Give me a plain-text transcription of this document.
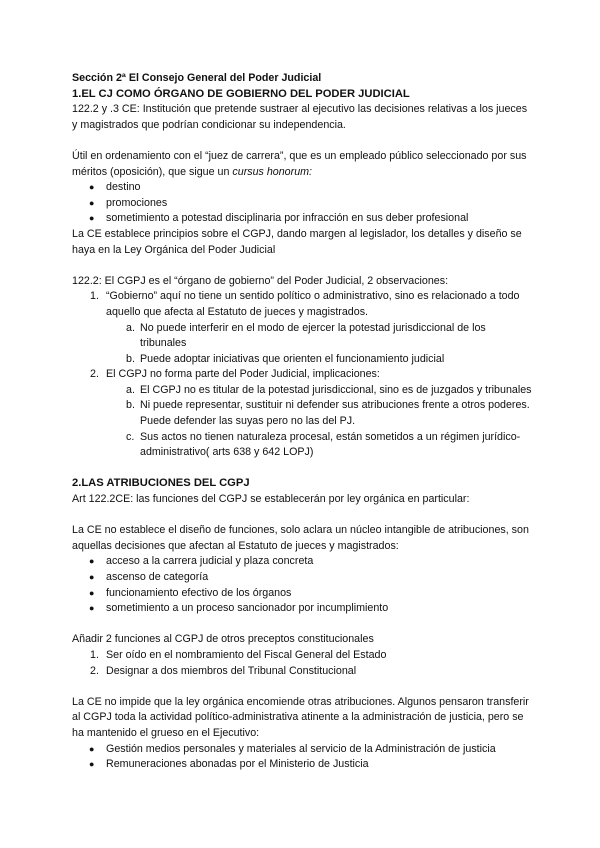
Sección 2ª El Consejo General del Poder Judicial

1.EL CJ COMO ÓRGANO DE GOBIERNO DEL PODER JUDICIAL

122.2 y .3 CE: Institución que pretende sustraer al ejecutivo las decisiones relativas a los jueces y magistrados que podrían condicionar su independencia.

Útil en ordenamiento con el “juez de carrera”, que es un empleado público seleccionado por sus méritos (oposición), que sigue un cursus honorum:

● destino
● promociones
● sometimiento a potestad disciplinaria por infracción en sus deber profesional

La CE establece principios sobre el CGPJ, dando margen al legislador, los detalles y diseño se haya en la Ley Orgánica del Poder Judicial

122.2: El CGPJ es el “órgano de gobierno” del Poder Judicial, 2 observaciones:

1. “Gobierno” aquí no tiene un sentido político o administrativo, sino es relacionado a todo aquello que afecta al Estatuto de jueces y magistrados.
a. No puede interferir en el modo de ejercer la potestad jurisdiccional de los tribunales
b. Puede adoptar iniciativas que orienten el funcionamiento judicial
2. El CGPJ no forma parte del Poder Judicial, implicaciones:
a. El CGPJ no es titular de la potestad jurisdiccional, sino es de juzgados y tribunales
b. Ni puede representar, sustituir ni defender sus atribuciones frente a otros poderes. Puede defender las suyas pero no las del PJ.
c. Sus actos no tienen naturaleza procesal, están sometidos a un régimen jurídico-administrativo( arts 638 y 642 LOPJ)

2.LAS ATRIBUCIONES DEL CGPJ

Art 122.2CE: las funciones del CGPJ se establecerán por ley orgánica en particular:

La CE no establece el diseño de funciones, solo aclara un núcleo intangible de atribuciones, son aquellas decisiones que afectan al Estatuto de jueces y magistrados:

● acceso a la carrera judicial y plaza concreta
● ascenso de categoría
● funcionamiento efectivo de los órganos
● sometimiento a un proceso sancionador por incumplimiento

Añadir 2 funciones al CGPJ de otros preceptos constitucionales

1. Ser oído en el nombramiento del Fiscal General del Estado
2. Designar a dos miembros del Tribunal Constitucional

La CE no impide que la ley orgánica encomiende otras atribuciones. Algunos pensaron transferir al CGPJ toda la actividad político-administrativa atinente a la administración de justicia, pero se ha mantenido el grueso en el Ejecutivo:

● Gestión medios personales y materiales al servicio de la Administración de justicia
● Remuneraciones abonadas por el Ministerio de Justicia
